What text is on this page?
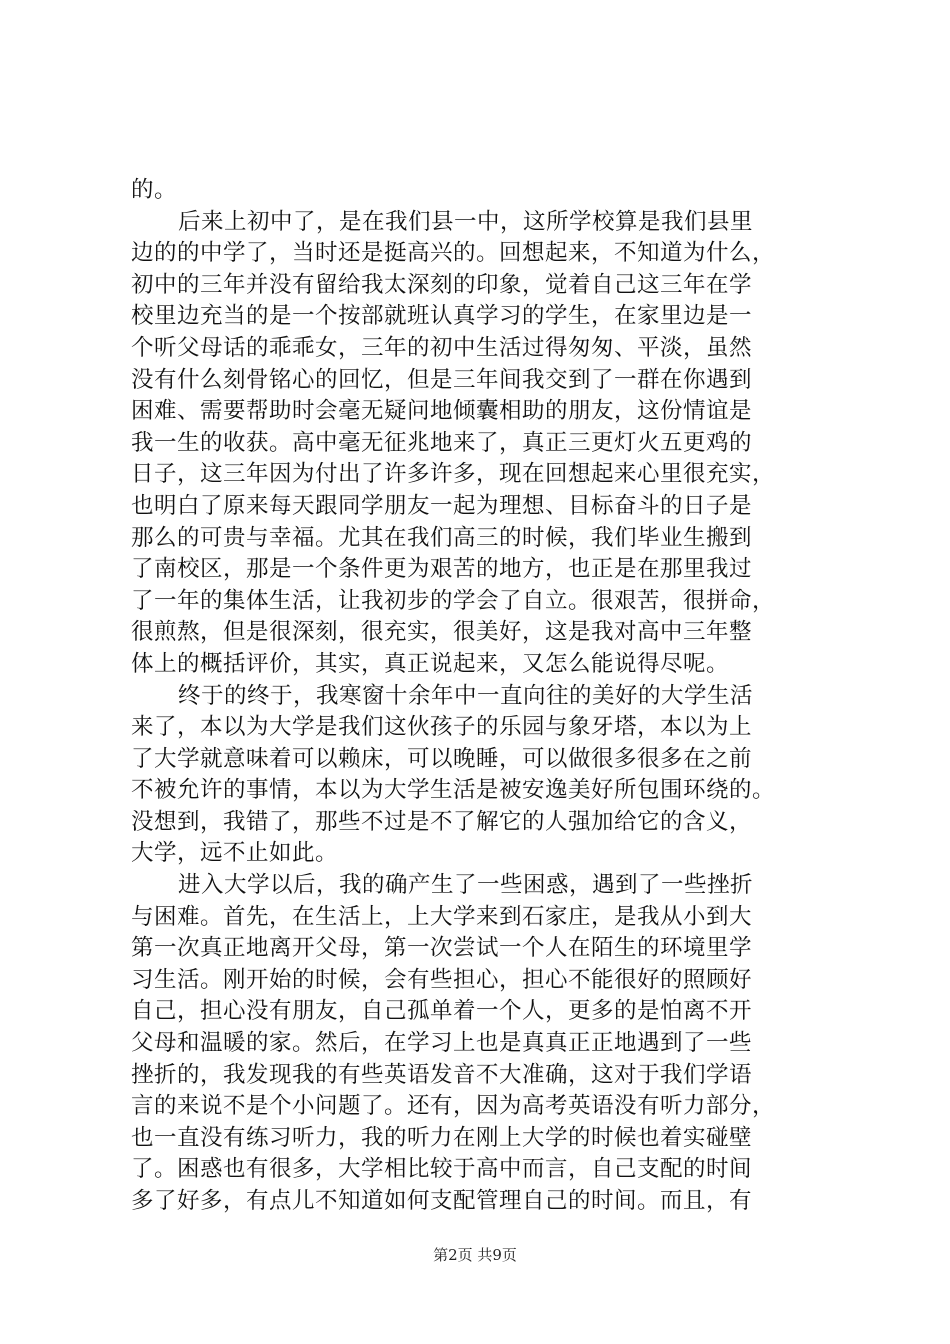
的。
后来上初中了，是在我们县一中，这所学校算是我们县里
边的的中学了，当时还是挺高兴的。回想起来，不知道为什么，
初中的三年并没有留给我太深刻的印象，觉着自己这三年在学
校里边充当的是一个按部就班认真学习的学生，在家里边是一
个听父母话的乖乖女，三年的初中生活过得匆匆、平淡，虽然
没有什么刻骨铭心的回忆，但是三年间我交到了一群在你遇到
困难、需要帮助时会毫无疑问地倾囊相助的朋友，这份情谊是
我一生的收获。高中毫无征兆地来了，真正三更灯火五更鸡的
日子，这三年因为付出了许多许多，现在回想起来心里很充实，
也明白了原来每天跟同学朋友一起为理想、目标奋斗的日子是
那么的可贵与幸福。尤其在我们高三的时候，我们毕业生搬到
了南校区，那是一个条件更为艰苦的地方，也正是在那里我过
了一年的集体生活，让我初步的学会了自立。很艰苦，很拼命，
很煎熬，但是很深刻，很充实，很美好，这是我对高中三年整
体上的概括评价，其实，真正说起来，又怎么能说得尽呢。
终于的终于，我寒窗十余年中一直向往的美好的大学生活
来了，本以为大学是我们这伙孩子的乐园与象牙塔，本以为上
了大学就意味着可以赖床，可以晚睡，可以做很多很多在之前
不被允许的事情，本以为大学生活是被安逸美好所包围环绕的。
没想到，我错了，那些不过是不了解它的人强加给它的含义，
大学，远不止如此。
进入大学以后，我的确产生了一些困惑，遇到了一些挫折
与困难。首先，在生活上，上大学来到石家庄，是我从小到大
第一次真正地离开父母，第一次尝试一个人在陌生的环境里学
习生活。刚开始的时候，会有些担心，担心不能很好的照顾好
自己，担心没有朋友，自己孤单着一个人，更多的是怕离不开
父母和温暖的家。然后，在学习上也是真真正正地遇到了一些
挫折的，我发现我的有些英语发音不大准确，这对于我们学语
言的来说不是个小问题了。还有，因为高考英语没有听力部分，
也一直没有练习听力，我的听力在刚上大学的时候也着实碰壁
了。困惑也有很多，大学相比较于高中而言，自己支配的时间
多了好多，有点儿不知道如何支配管理自己的时间。而且，有
第2页 共9页
